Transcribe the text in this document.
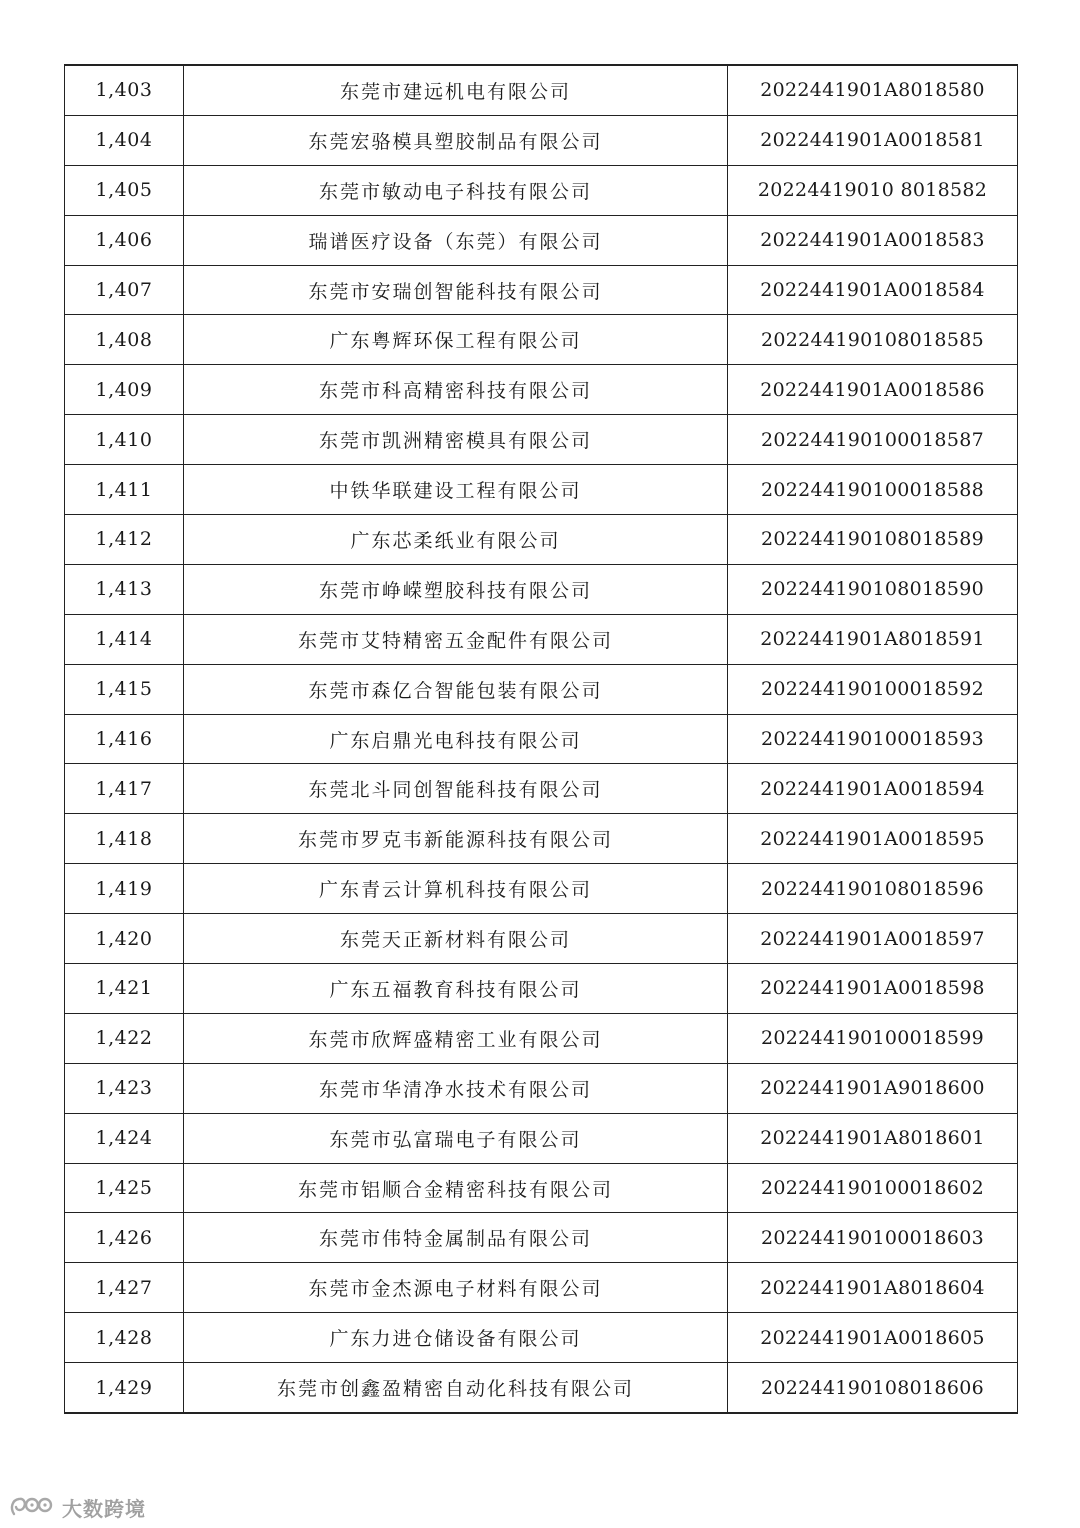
1,403	东莞市建远机电有限公司	2022441901A8018580
1,404	东莞宏骆模具塑胶制品有限公司	2022441901A0018581
1,405	东莞市敏动电子科技有限公司	20224419010 8018582
1,406	瑞谱医疗设备（东莞）有限公司	2022441901A0018583
1,407	东莞市安瑞创智能科技有限公司	2022441901A0018584
1,408	广东粤辉环保工程有限公司	202244190108018585
1,409	东莞市科高精密科技有限公司	2022441901A0018586
1,410	东莞市凯洲精密模具有限公司	202244190100018587
1,411	中铁华联建设工程有限公司	202244190100018588
1,412	广东芯柔纸业有限公司	202244190108018589
1,413	东莞市峥嵘塑胶科技有限公司	202244190108018590
1,414	东莞市艾特精密五金配件有限公司	2022441901A8018591
1,415	东莞市森亿合智能包装有限公司	202244190100018592
1,416	广东启鼎光电科技有限公司	202244190100018593
1,417	东莞北斗同创智能科技有限公司	2022441901A0018594
1,418	东莞市罗克韦新能源科技有限公司	2022441901A0018595
1,419	广东青云计算机科技有限公司	202244190108018596
1,420	东莞天正新材料有限公司	2022441901A0018597
1,421	广东五福教育科技有限公司	2022441901A0018598
1,422	东莞市欣辉盛精密工业有限公司	202244190100018599
1,423	东莞市华清净水技术有限公司	2022441901A9018600
1,424	东莞市弘富瑞电子有限公司	2022441901A8018601
1,425	东莞市铝顺合金精密科技有限公司	202244190100018602
1,426	东莞市伟特金属制品有限公司	202244190100018603
1,427	东莞市金杰源电子材料有限公司	2022441901A8018604
1,428	广东力进仓储设备有限公司	2022441901A0018605
1,429	东莞市创鑫盈精密自动化科技有限公司	202244190108018606
大数跨境
